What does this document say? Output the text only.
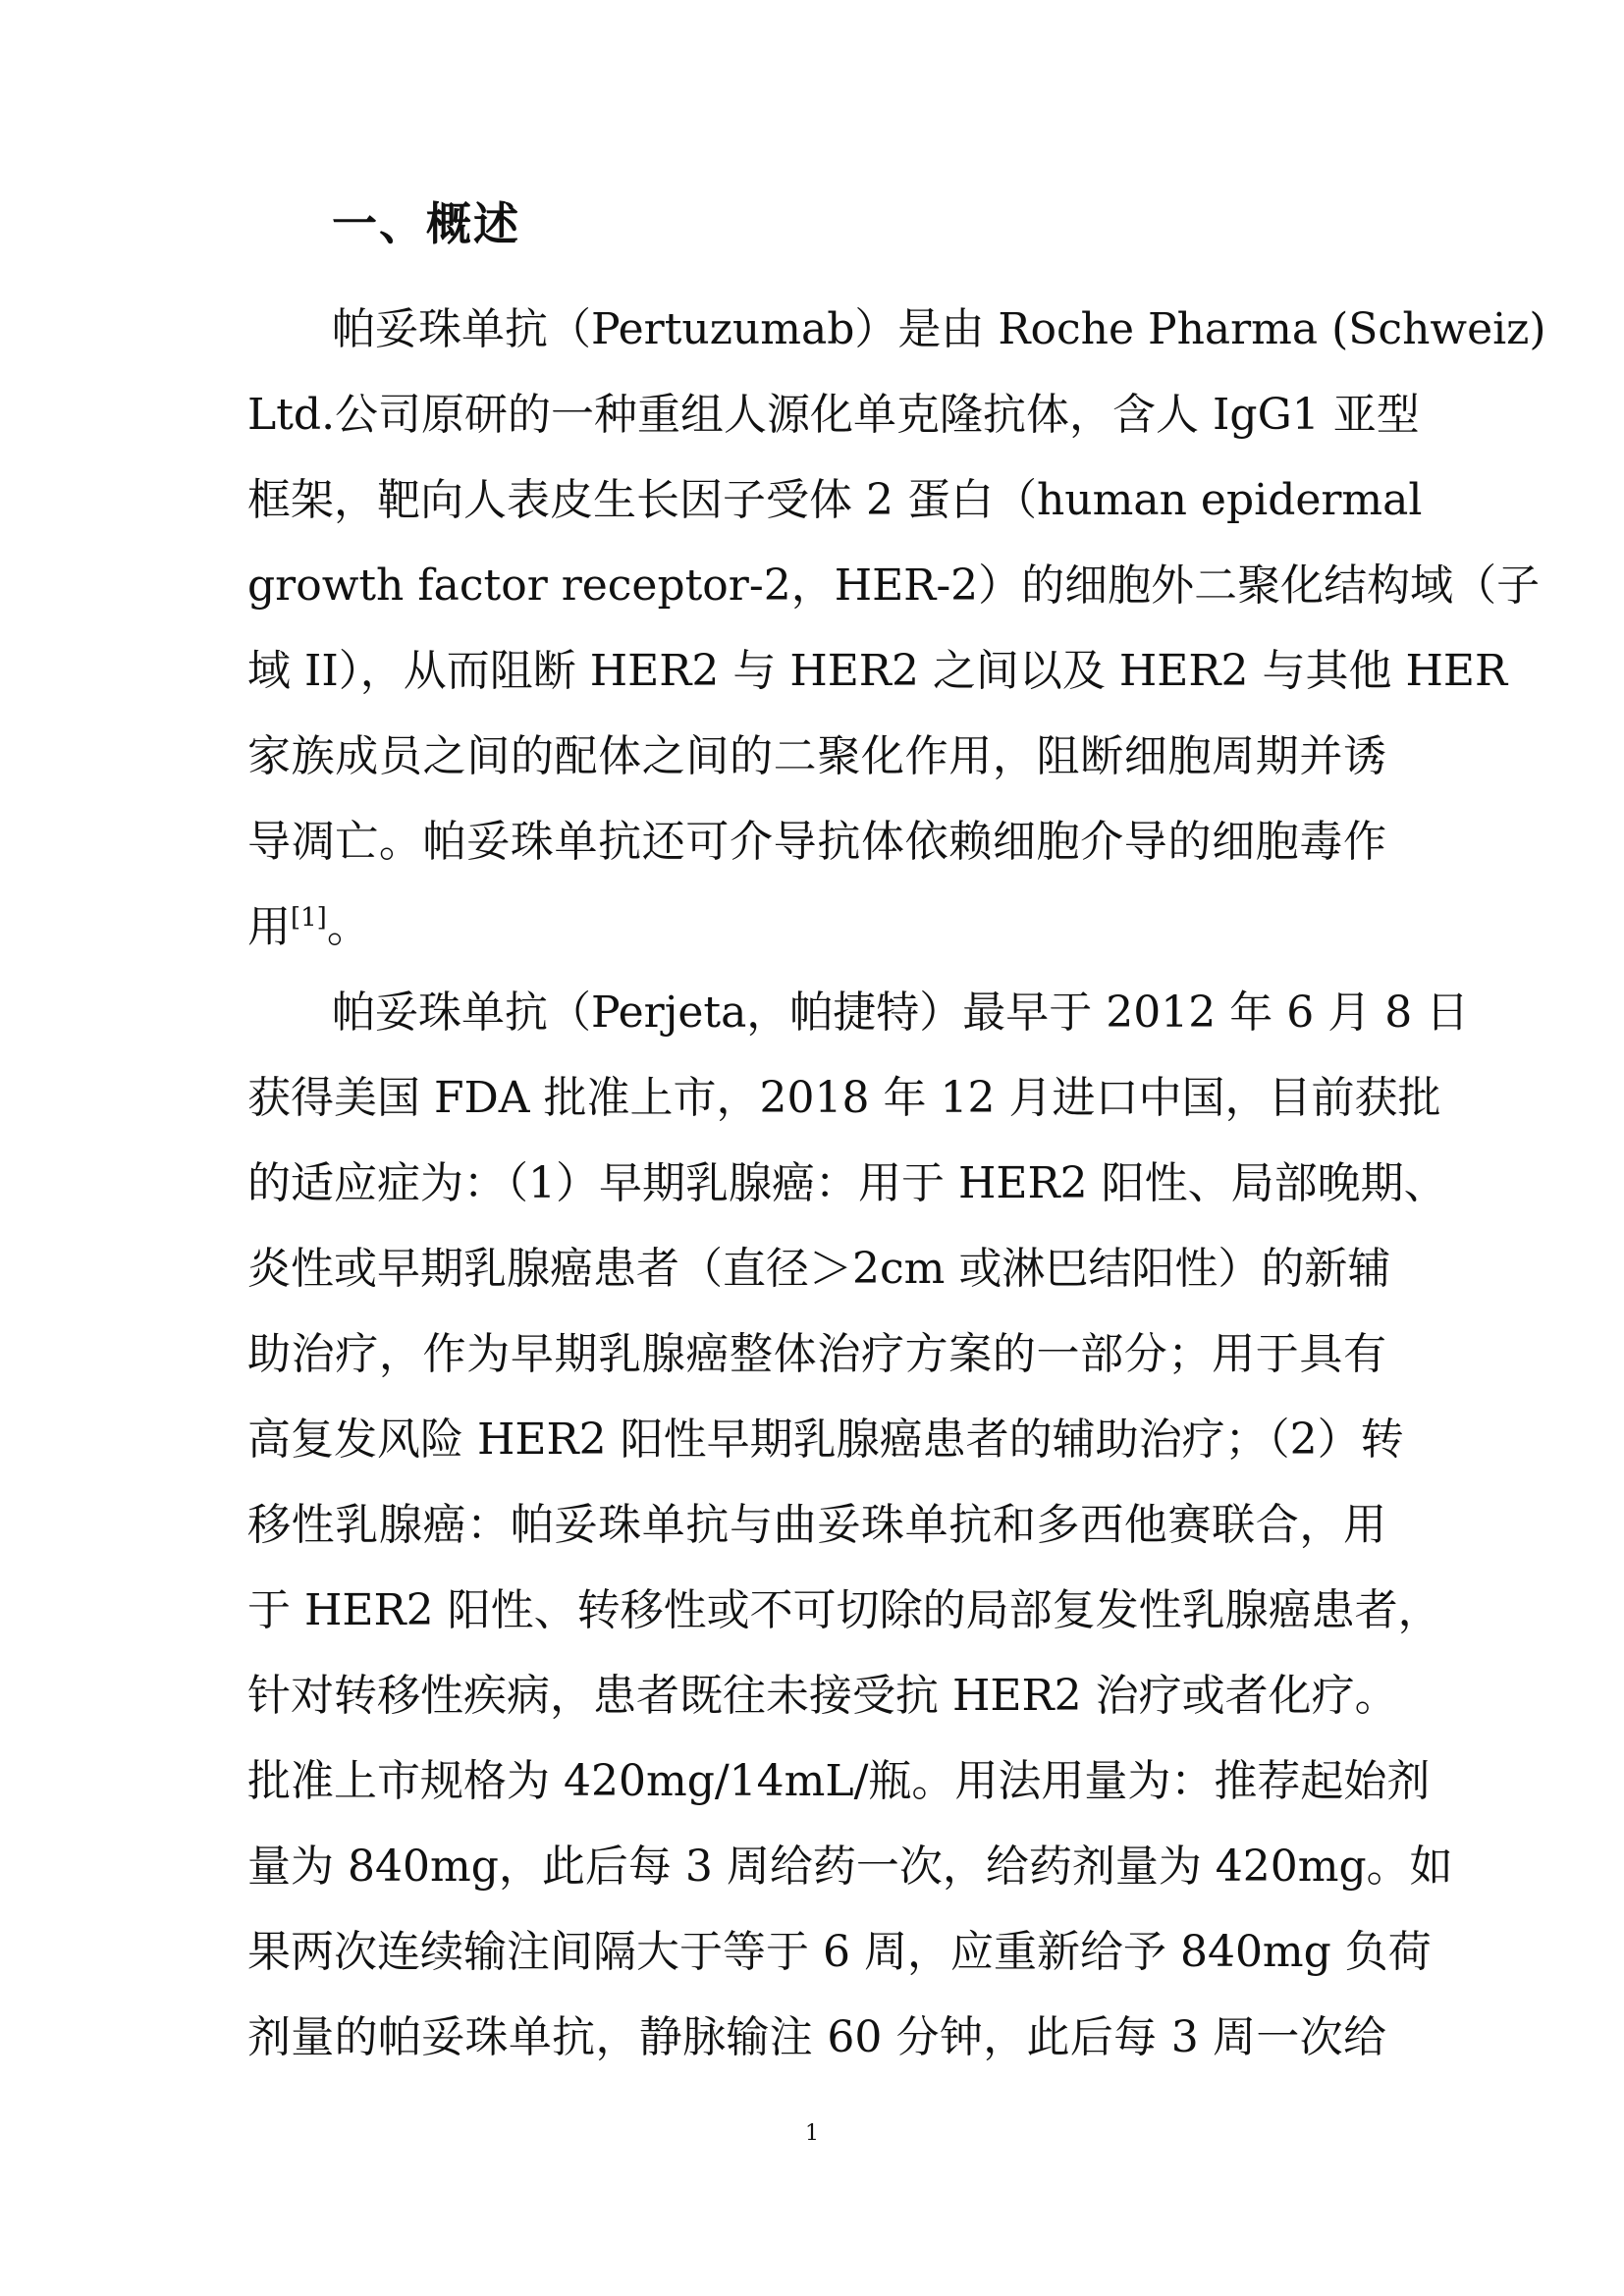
一、概述

帕妥珠单抗（Pertuzumab）是由 Roche Pharma (Schweiz)
Ltd.公司原研的一种重组人源化单克隆抗体，含人 IgG1 亚型
框架，靶向人表皮生长因子受体 2 蛋白（human epidermal
growth factor receptor-2，HER-2）的细胞外二聚化结构域（子
域 II），从而阻断 HER2 与 HER2 之间以及 HER2 与其他 HER
家族成员之间的配体之间的二聚化作用，阻断细胞周期并诱
导凋亡。帕妥珠单抗还可介导抗体依赖细胞介导的细胞毒作
用[1]。

帕妥珠单抗（Perjeta，帕捷特）最早于 2012 年 6 月 8 日
获得美国 FDA 批准上市，2018 年 12 月进口中国，目前获批
的适应症为：（1）早期乳腺癌：用于 HER2 阳性、局部晚期、
炎性或早期乳腺癌患者（直径＞2cm 或淋巴结阳性）的新辅
助治疗，作为早期乳腺癌整体治疗方案的一部分；用于具有
高复发风险 HER2 阳性早期乳腺癌患者的辅助治疗；（2）转
移性乳腺癌：帕妥珠单抗与曲妥珠单抗和多西他赛联合，用
于 HER2 阳性、转移性或不可切除的局部复发性乳腺癌患者，
针对转移性疾病，患者既往未接受抗 HER2 治疗或者化疗。
批准上市规格为 420mg/14mL/瓶。用法用量为：推荐起始剂
量为 840mg，此后每 3 周给药一次，给药剂量为 420mg。如
果两次连续输注间隔大于等于 6 周，应重新给予 840mg 负荷
剂量的帕妥珠单抗，静脉输注 60 分钟，此后每 3 周一次给

1
